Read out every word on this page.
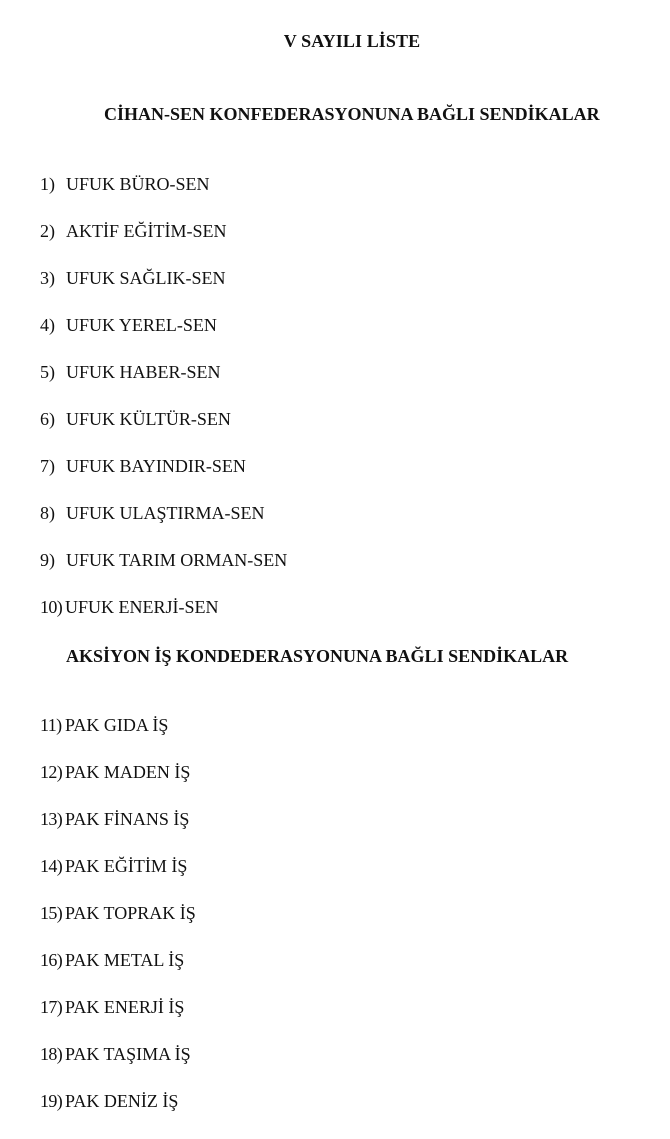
V SAYILI LİSTE
CİHAN-SEN KONFEDERASYONUNA BAĞLI SENDİKALAR
1) UFUK BÜRO-SEN
2) AKTİF EĞİTİM-SEN
3) UFUK SAĞLIK-SEN
4) UFUK YEREL-SEN
5) UFUK HABER-SEN
6) UFUK KÜLTÜR-SEN
7) UFUK BAYINDIR-SEN
8) UFUK ULAŞTIRMA-SEN
9) UFUK TARIM ORMAN-SEN
10) UFUK ENERJİ-SEN
AKSİYON İŞ KONDEDERASYONUNA BAĞLI SENDİKALAR
11) PAK GIDA İŞ
12) PAK MADEN İŞ
13) PAK FİNANS İŞ
14) PAK EĞİTİM İŞ
15) PAK TOPRAK İŞ
16) PAK METAL İŞ
17) PAK ENERJİ İŞ
18) PAK TAŞIMA İŞ
19) PAK DENİZ İŞ
